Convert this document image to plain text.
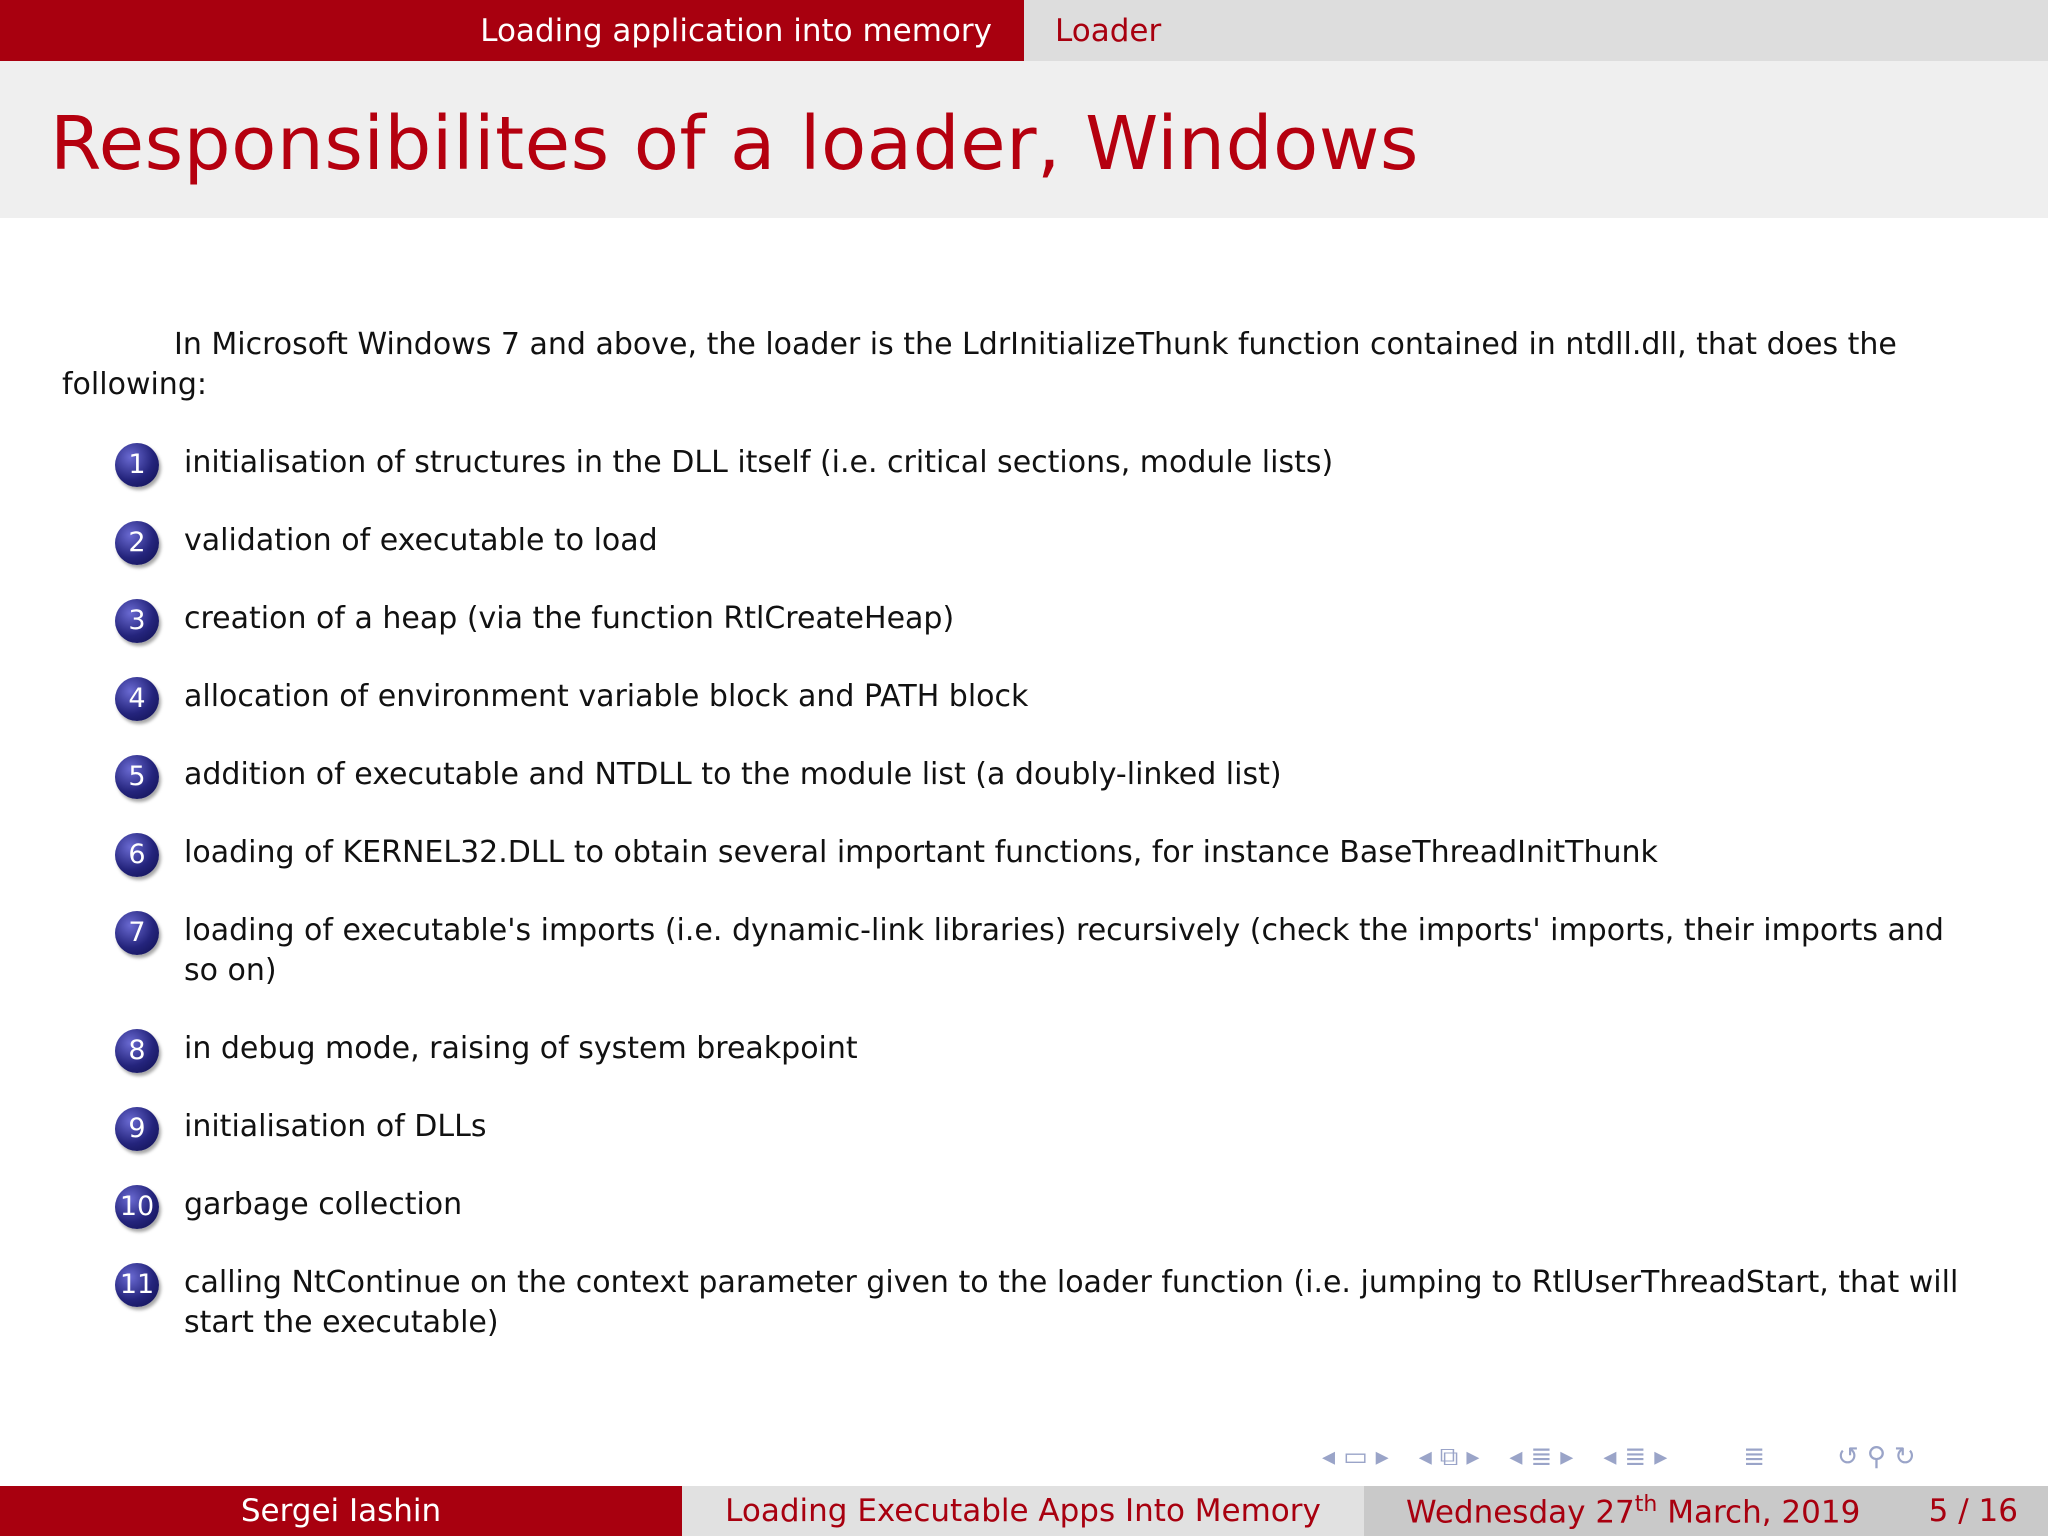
Loading application into memory	Loader
Responsibilites of a loader, Windows

In Microsoft Windows 7 and above, the loader is the LdrInitializeThunk function contained in ntdll.dll, that does the following:

1	initialisation of structures in the DLL itself (i.e. critical sections, module lists)
2	validation of executable to load
3	creation of a heap (via the function RtlCreateHeap)
4	allocation of environment variable block and PATH block
5	addition of executable and NTDLL to the module list (a doubly-linked list)
6	loading of KERNEL32.DLL to obtain several important functions, for instance BaseThreadInitThunk
7	loading of executable's imports (i.e. dynamic-link libraries) recursively (check the imports' imports, their imports and so on)
8	in debug mode, raising of system breakpoint
9	initialisation of DLLs
10 garbage collection
11 calling NtContinue on the context parameter given to the loader function (i.e. jumping to RtlUserThreadStart, that will start the executable)
◂ ▭ ▸ ◂ ⧉ ▸ ◂ ≣ ▸ ◂ ≣ ▸	≣	↺ ⚲ ↻
Sergei Iashin	Loading Executable Apps Into Memory	Wednesday 27th March, 2019 5 / 16
